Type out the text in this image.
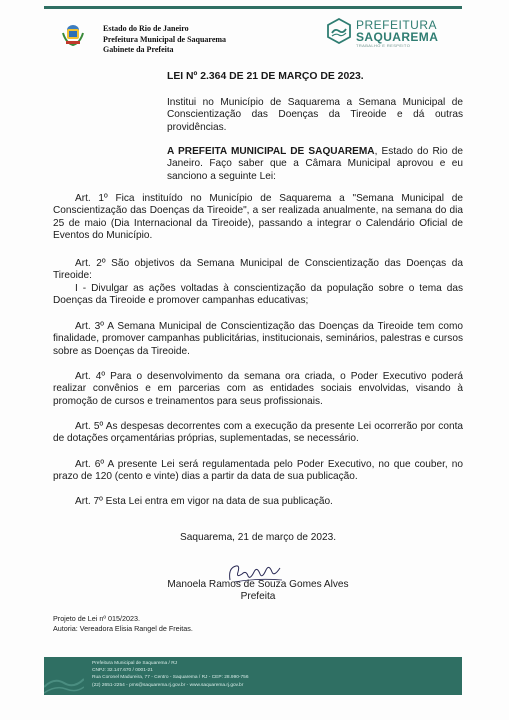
Estado do Rio de Janeiro
Prefeitura Municipal de Saquarema
Gabinete da Prefeita
PREFEITURA
SAQUAREMA
TRABALHO E RESPEITO
LEI Nº 2.364 DE 21 DE MARÇO DE 2023.
Institui no Município de Saquarema a Semana Municipal de Conscientização das Doenças da Tireoide e dá outras providências.
A PREFEITA MUNICIPAL DE SAQUAREMA, Estado do Rio de Janeiro. Faço saber que a Câmara Municipal aprovou e eu sanciono a seguinte Lei:
Art. 1º Fica instituído no Município de Saquarema a "Semana Municipal de Conscientização das Doenças da Tireoide", a ser realizada anualmente, na semana do dia 25 de maio (Dia Internacional da Tireoide), passando a integrar o Calendário Oficial de Eventos do Município.
Art. 2º São objetivos da Semana Municipal de Conscientização das Doenças da Tireoide:
I - Divulgar as ações voltadas à conscientização da população sobre o tema das Doenças da Tireoide e promover campanhas educativas;
Art. 3º A Semana Municipal de Conscientização das Doenças da Tireoide tem como finalidade, promover campanhas publicitárias, institucionais, seminários, palestras e cursos sobre as Doenças da Tireoide.
Art. 4º Para o desenvolvimento da semana ora criada, o Poder Executivo poderá realizar convênios e em parcerias com as entidades sociais envolvidas, visando à promoção de cursos e treinamentos para seus profissionais.
Art. 5º As despesas decorrentes com a execução da presente Lei ocorrerão por conta de dotações orçamentárias próprias, suplementadas, se necessário.
Art. 6º A presente Lei será regulamentada pelo Poder Executivo, no que couber, no prazo de 120 (cento e vinte) dias a partir da data de sua publicação.
Art. 7º Esta Lei entra em vigor na data de sua publicação.
Saquarema, 21 de março de 2023.
Manoela Ramos de Souza Gomes Alves
Prefeita
Projeto de Lei nº 015/2023.
Autoria: Vereadora Elisia Rangel de Freitas.
Prefeitura Municipal de Saquarema / RJ
CNPJ: 32.147.670 / 0001-21
Rua Coronel Madureira, 77 - Centro - Saquarema / RJ - CEP: 28.990-756
(22) 2651-2254 - pms@saquarema.rj.gov.br - www.saquarema.rj.gov.br
